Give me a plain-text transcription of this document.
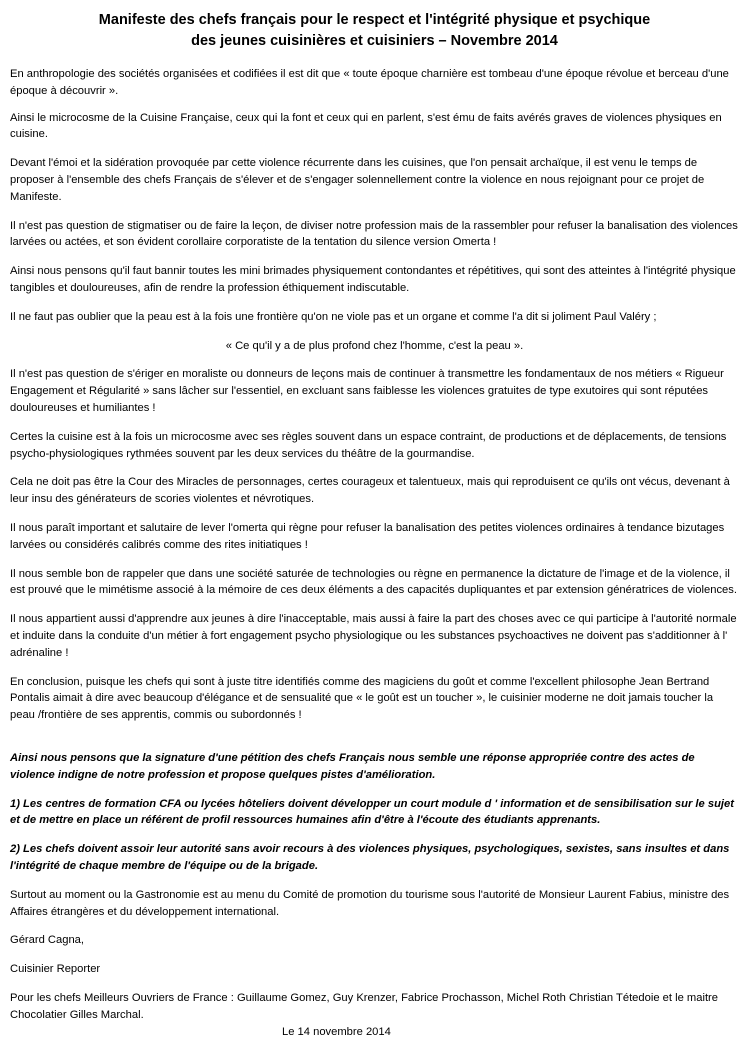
Manifeste des chefs français pour le respect et l'intégrité physique et psychique
des jeunes cuisinières et cuisiniers – Novembre 2014

En anthropologie des sociétés organisées et codifiées il est dit que « toute époque charnière est tombeau d'une époque révolue et berceau d'une époque à découvrir ».

Ainsi le microcosme de la Cuisine Française, ceux qui la font et ceux qui en parlent, s'est ému de faits avérés graves de violences physiques en cuisine.

Devant l'émoi et la sidération provoquée par cette violence récurrente dans les cuisines, que l'on pensait archaïque, il est venu le temps de proposer à l'ensemble des chefs Français de s'élever et de s'engager solennellement contre la violence en nous rejoignant pour ce projet de Manifeste.

Il n'est pas question de stigmatiser ou de faire la leçon, de diviser notre profession mais de la rassembler pour refuser la banalisation des violences larvées ou actées, et son évident corollaire corporatiste de la tentation du silence version Omerta !

Ainsi nous pensons qu'il faut bannir toutes les mini brimades physiquement contondantes et répétitives, qui sont des atteintes à l'intégrité physique tangibles et douloureuses, afin de rendre la profession éthiquement indiscutable.

Il ne faut pas oublier que la peau est à la fois une frontière qu'on ne viole pas et un organe et comme l'a dit si joliment Paul Valéry ;

« Ce qu'il y a de plus profond chez l'homme, c'est la peau ».

Il n'est pas question de s'ériger en moraliste ou donneurs de leçons mais de continuer à transmettre les fondamentaux de nos métiers « Rigueur Engagement et Régularité » sans lâcher sur l'essentiel, en excluant sans faiblesse les violences gratuites de type exutoires qui sont réputées douloureuses et humiliantes !

Certes la cuisine est à la fois un microcosme avec ses règles souvent dans un espace contraint, de productions et de déplacements, de tensions psycho-physiologiques rythmées souvent par les deux services du théâtre de la gourmandise.

Cela ne doit pas être la Cour des Miracles de personnages, certes courageux et talentueux, mais qui reproduisent ce qu'ils ont vécus, devenant à leur insu des générateurs de scories violentes et névrotiques.

Il nous paraît important et salutaire de lever l'omerta qui règne pour refuser la banalisation des petites violences ordinaires à tendance bizutages larvées ou considérés calibrés comme des rites initiatiques !

Il nous semble bon de rappeler que dans une société saturée de technologies ou règne en permanence la dictature de l'image et de la violence, il est prouvé que le mimétisme associé à la mémoire de ces deux éléments a des capacités dupliquantes et par extension génératrices de violences.

Il nous appartient aussi d'apprendre aux jeunes à dire l'inacceptable, mais aussi à faire la part des choses avec ce qui participe à l'autorité normale et induite dans la conduite d'un métier à fort engagement psycho physiologique ou les substances psychoactives ne doivent pas s'additionner à l' adrénaline !

En conclusion, puisque les chefs qui sont à juste titre identifiés comme des magiciens du goût et comme l'excellent philosophe Jean Bertrand Pontalis aimait à dire avec beaucoup d'élégance et de sensualité que « le goût est un toucher », le cuisinier moderne ne doit jamais toucher la peau /frontière de ses apprentis, commis ou subordonnés !

Ainsi nous pensons que la signature d'une pétition des chefs Français nous semble une réponse appropriée contre des actes de violence indigne de notre profession et propose quelques pistes d'amélioration.

1) Les centres de formation CFA ou lycées hôteliers doivent développer un court module d ' information et de sensibilisation sur le sujet et de mettre en place un référent de profil ressources humaines afin d'être à l'écoute des étudiants apprenants.

2) Les chefs doivent assoir leur autorité sans avoir recours à des violences physiques, psychologiques, sexistes, sans insultes et dans l'intégrité de chaque membre de l'équipe ou de la brigade.

Surtout au moment ou la Gastronomie est au menu du Comité de promotion du tourisme sous l'autorité de Monsieur Laurent Fabius, ministre des Affaires étrangères et du développement international.

Gérard Cagna,

Cuisinier Reporter

Pour les chefs Meilleurs Ouvriers de France : Guillaume Gomez, Guy Krenzer, Fabrice Prochasson, Michel Roth Christian Tétedoie et le maitre Chocolatier Gilles Marchal.

Le 14 novembre 2014
